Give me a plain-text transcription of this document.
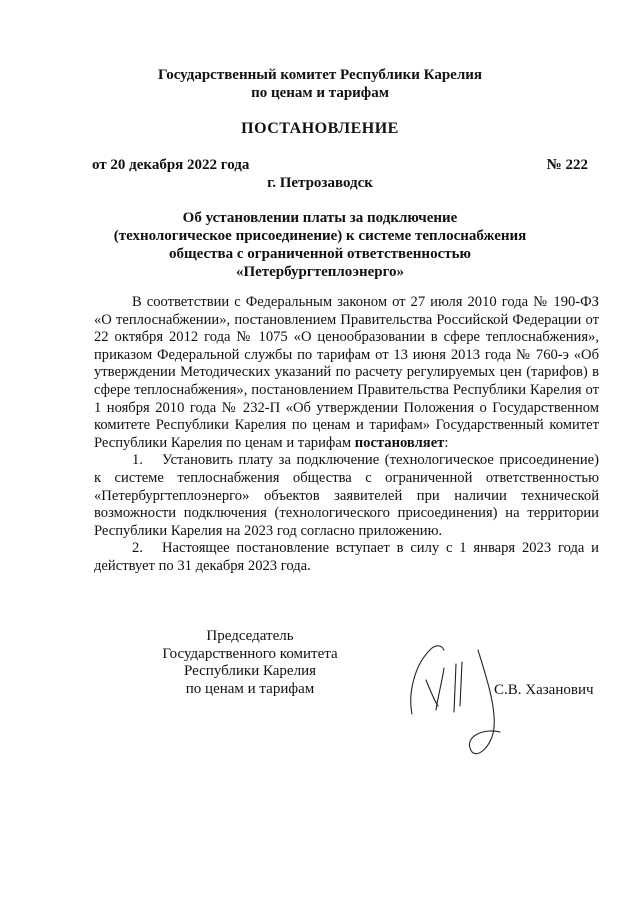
Государственный комитет Республики Карелия
по ценам и тарифам
ПОСТАНОВЛЕНИЕ
от 20 декабря 2022 года	№ 222
г. Петрозаводск
Об установлении платы за подключение
(технологическое присоединение) к системе теплоснабжения
общества с ограниченной ответственностью
«Петербургтеплоэнерго»

В соответствии с Федеральным законом от 27 июля 2010 года № 190-ФЗ «О теплоснабжении», постановлением Правительства Российской Федерации от 22 октября 2012 года № 1075 «О ценообразовании в сфере теплоснабжения», приказом Федеральной службы по тарифам от 13 июня 2013 года № 760-э «Об утверждении Методических указаний по расчету регулируемых цен (тарифов) в сфере теплоснабжения», постановлением Правительства Республики Карелия от 1 ноября 2010 года № 232-П «Об утверждении Положения о Государственном комитете Республики Карелия по ценам и тарифам» Государственный комитет Республики Карелия по ценам и тарифам постановляет:

1. Установить плату за подключение (технологическое присоединение) к системе теплоснабжения общества с ограниченной ответственностью «Петербургтеплоэнерго» объектов заявителей при наличии технической возможности подключения (технологического присоединения) на территории Республики Карелия на 2023 год согласно приложению.

2. Настоящее постановление вступает в силу с 1 января 2023 года и действует по 31 декабря 2023 года.

Председатель
Государственного комитета
Республики Карелия
по ценам и тарифам	С.В. Хазанович
